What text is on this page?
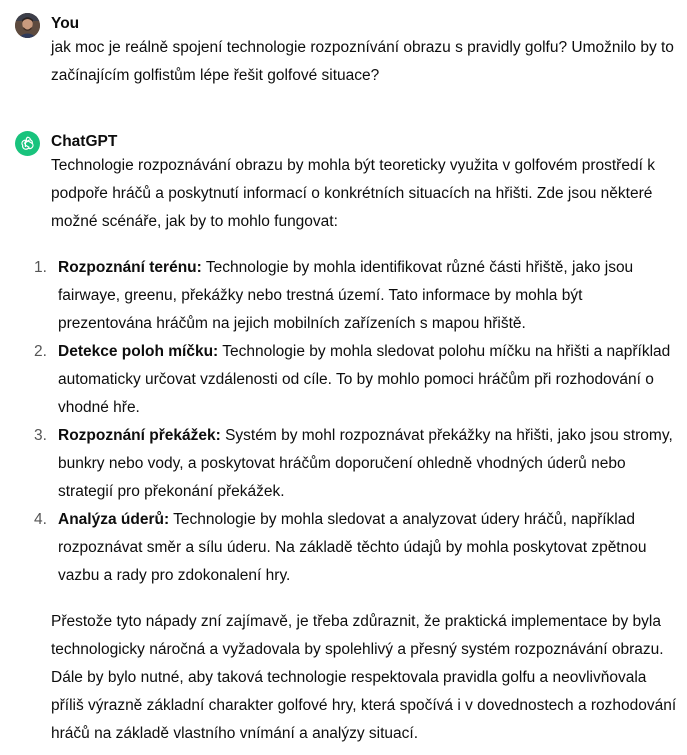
You

jak moc je reálně spojení technologie rozpoznívání obrazu s pravidly golfu? Umožnilo by to začínajícím golfistům lépe řešit golfové situace?

ChatGPT

Technologie rozpoznávání obrazu by mohla být teoreticky využita v golfovém prostředí k podpoře hráčů a poskytnutí informací o konkrétních situacích na hřišti. Zde jsou některé možné scénáře, jak by to mohlo fungovat:

1. Rozpoznání terénu: Technologie by mohla identifikovat různé části hřiště, jako jsou fairwaye, greenu, překážky nebo trestná území. Tato informace by mohla být prezentována hráčům na jejich mobilních zařízeních s mapou hřiště.
2. Detekce poloh míčku: Technologie by mohla sledovat polohu míčku na hřišti a například automaticky určovat vzdálenosti od cíle. To by mohlo pomoci hráčům při rozhodování o vhodné hře.
3. Rozpoznání překážek: Systém by mohl rozpoznávat překážky na hřišti, jako jsou stromy, bunkry nebo vody, a poskytovat hráčům doporučení ohledně vhodných úderů nebo strategií pro překonání překážek.
4. Analýza úderů: Technologie by mohla sledovat a analyzovat údery hráčů, například rozpoznávat směr a sílu úderu. Na základě těchto údajů by mohla poskytovat zpětnou vazbu a rady pro zdokonalení hry.

Přestože tyto nápady zní zajímavě, je třeba zdůraznit, že praktická implementace by byla technologicky náročná a vyžadovala by spolehlivý a přesný systém rozpoznávání obrazu. Dále by bylo nutné, aby taková technologie respektovala pravidla golfu a neovlivňovala příliš výrazně základní charakter golfové hry, která spočívá i v dovednostech a rozhodování hráčů na základě vlastního vnímání a analýzy situací.
